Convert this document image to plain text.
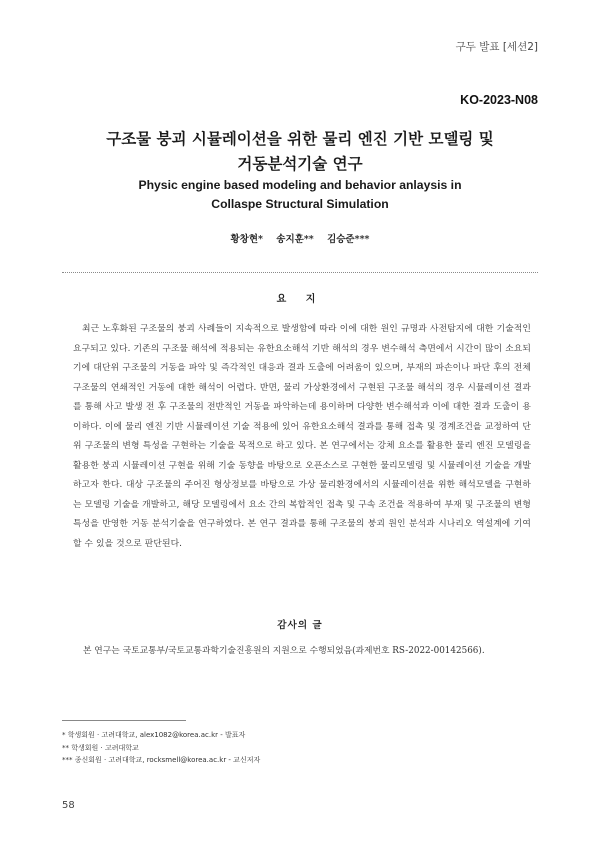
구두 발표 [세션2]
KO-2023-N08
구조물 붕괴 시뮬레이션을 위한 물리 엔진 기반 모델링 및
거동분석기술 연구
Physic engine based modeling and behavior anlaysis in
Collaspe Structural Simulation
황창현* 송지훈** 김승준***
요 지
최근 노후화된 구조물의 붕괴 사례들이 지속적으로 발생함에 따라 이에 대한 원인 규명과 사전탐지에 대한 기술적인 요구되고 있다. 기존의 구조물 해석에 적용되는 유한요소해석 기반 해석의 경우 변수해석 측면에서 시간이 많이 소요되기에 대단위 구조물의 거동을 파악 및 즉각적인 대응과 결과 도출에 어려움이 있으며, 부재의 파손이나 파단 후의 전체 구조물의 연쇄적인 거동에 대한 해석이 어렵다. 반면, 물리 가상환경에서 구현된 구조물 해석의 경우 시뮬레이션 결과를 통해 사고 발생 전 후 구조물의 전반적인 거동을 파악하는데 용이하며 다양한 변수해석과 이에 대한 결과 도출이 용이하다. 이에 물리 엔진 기반 시뮬레이션 기술 적용에 있어 유한요소해석 결과를 통해 접촉 및 경계조건을 교정하여 단위 구조물의 변형 특성을 구현하는 기술을 목적으로 하고 있다. 본 연구에서는 강체 요소를 활용한 물리 엔진 모델링을 활용한 붕괴 시뮬레이션 구현을 위해 기술 동향을 바탕으로 오픈소스로 구현한 물리모델링 및 시뮬레이션 기술을 개발하고자 한다. 대상 구조물의 주어진 형상정보를 바탕으로 가상 물리환경에서의 시뮬레이션을 위한 해석모델을 구현하는 모델링 기술을 개발하고, 해당 모델링에서 요소 간의 복합적인 접촉 및 구속 조건을 적용하여 부재 및 구조물의 변형 특성을 반영한 거동 분석기술을 연구하였다. 본 연구 결과를 통해 구조물의 붕괴 원인 분석과 시나리오 역설계에 기여할 수 있을 것으로 판단된다.
감사의 글
본 연구는 국토교통부/국토교통과학기술진흥원의 지원으로 수행되었음(과제번호 RS-2022-00142566).
* 학생회원 · 고려대학교, alex1082@korea.ac.kr - 발표자
** 학생회원 · 고려대학교
*** 종신회원 · 고려대학교, rocksmell@korea.ac.kr - 교신저자
58
